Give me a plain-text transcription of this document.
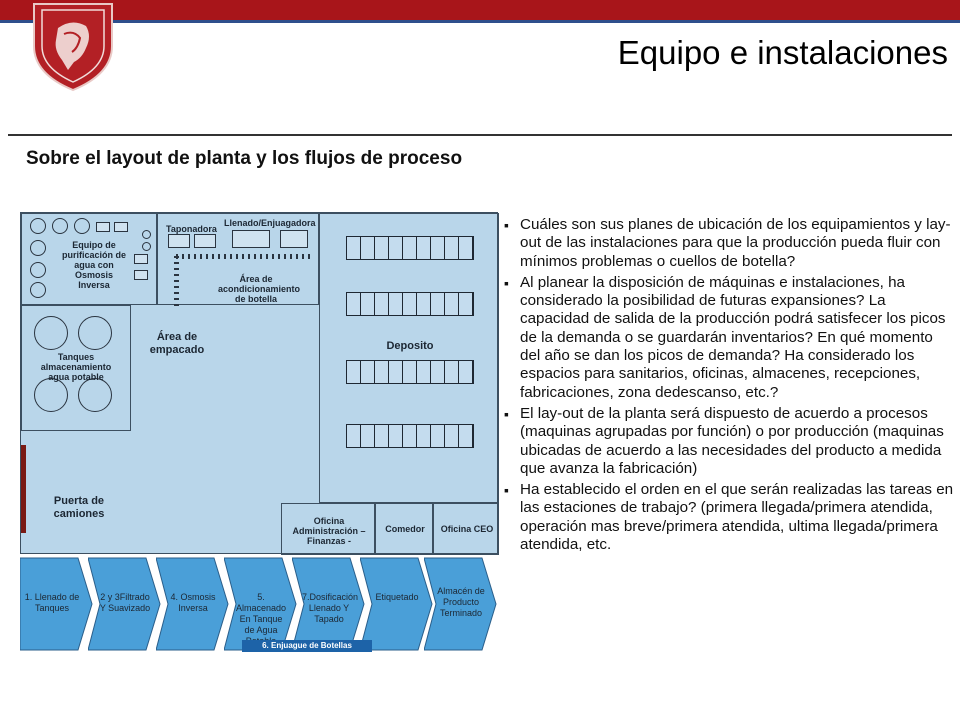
Equipo e instalaciones
Sobre el layout de planta y los flujos de proceso
Equipo de purificación de agua con Osmosis Inversa
Taponadora
Llenado/Enjuagadora
Área de acondicionamiento de botella
Área de empacado
Tanques almacenamiento agua potable
Deposito
Puerta de camiones
Oficina Administración – Finanzas -
Comedor	Oficina CEO
1. Llenado de Tanques
2 y 3Filtrado Y Suavizado
4. Osmosis Inversa
5. Almacenado En Tanque de Agua
7.Dosificación Llenado Y Tapado
Etiquetado
Almacén de Producto Terminado
6. Enjuague de Botellas
▪ Cuáles son sus planes de ubicación de los equipamientos y lay-out de las instalaciones para que la producción pueda fluir con mínimos problemas o cuellos de botella?
▪ Al planear la disposición de máquinas e instalaciones, ha considerado la posibilidad de futuras expansiones? La capacidad de salida de la producción podrá satisfecer los picos de la demanda o se guardarán inventarios? En qué momento del año se dan los picos de demanda? Ha considerado los espacios para sanitarios, oficinas, almacenes, recepciones, fabricaciones, zona dedescanso, etc.?
▪ El lay-out de la planta será dispuesto de acuerdo a procesos (maquinas agrupadas por función) o por producción (maquinas ubicadas de acuerdo a las necesidades del producto a medida que avanza la fabricación)
▪ Ha establecido el orden en el que serán realizadas las tareas en las estaciones de trabajo? (primera llegada/primera atendida, operación mas breve/primera atendida, ultima llegada/primera atendida, etc.
